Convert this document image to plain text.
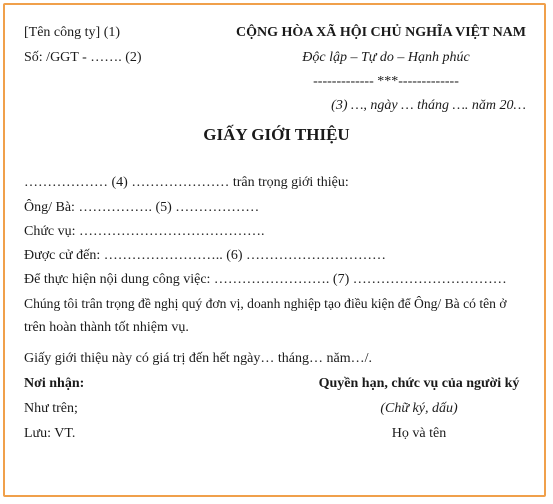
[Tên công ty] (1)
Số: /GGT - ……. (2)
CỘNG HÒA XÃ HỘI CHỦ NGHĨA VIỆT NAM
Độc lập – Tự do – Hạnh phúc
------------- ***-------------
(3) …, ngày … tháng …. năm 20…
GIẤY GIỚI THIỆU
……………… (4) ………………… trân trọng giới thiệu:
Ông/ Bà: ……………. (5) ………………
Chức vụ: ………………………………….
Được cử đến: …………………….. (6) …………………………
Để thực hiện nội dung công việc: ……………………. (7) ……………………………
Chúng tôi trân trọng đề nghị quý đơn vị, doanh nghiệp tạo điều kiện để Ông/ Bà có tên ở
trên hoàn thành tốt nhiệm vụ.
Giấy giới thiệu này có giá trị đến hết ngày… tháng… năm…/.
Nơi nhận:
Như trên;
Lưu: VT.
Quyền hạn, chức vụ của người ký
(Chữ ký, dấu)
Họ và tên
